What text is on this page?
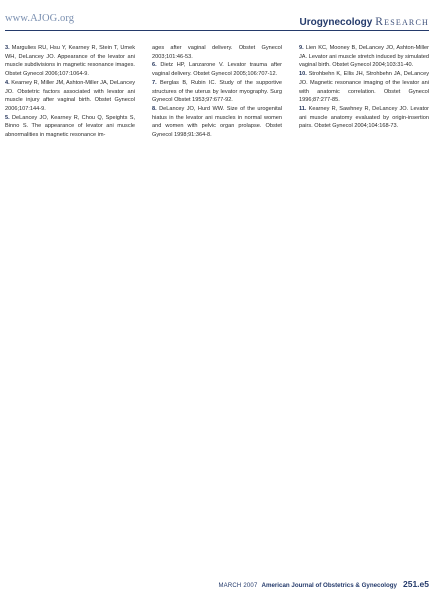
www.AJOG.org	Urogynecology Research

3. Margulies RU, Hsu Y, Kearney R, Stein T, Umek WH, DeLancey JO. Appearance of the levator ani muscle subdivisions in magnetic resonance images. Obstet Gynecol 2006;107:1064-9.

4. Kearney R, Miller JM, Ashton-Miller JA, DeLancey JO. Obstetric factors associated with levator ani muscle injury after vaginal birth. Obstet Gynecol 2006;107:144-9.

5. DeLancey JO, Kearney R, Chou Q, Speights S, Binno S. The appearance of levator ani muscle abnormalities in magnetic resonance im-

ages after vaginal delivery. Obstet Gynecol 2003;101:46-53.

6. Dietz HP, Lanzarone V. Levator trauma after vaginal delivery. Obstet Gynecol 2005;106:707-12.

7. Berglas B, Rubin IC. Study of the supportive structures of the uterus by levator myography. Surg Gynecol Obstet 1953;97:677-92.

8. DeLancey JO, Hurd WW. Size of the urogenital hiatus in the levator ani muscles in normal women and women with pelvic organ prolapse. Obstet Gynecol 1998;91:364-8.

9. Lien KC, Mooney B, DeLancey JO, Ashton-Miller JA. Levator ani muscle stretch induced by simulated vaginal birth. Obstet Gynecol 2004;103:31-40.

10. Strohbehn K, Ellis JH, Strohbehn JA, DeLancey JO. Magnetic resonance imaging of the levator ani with anatomic correlation. Obstet Gynecol 1996;87:277-85.

11. Kearney R, Sawhney R, DeLancey JO. Levator ani muscle anatomy evaluated by origin-insertion pairs. Obstet Gynecol 2004;104:168-73.

MARCH 2007 American Journal of Obstetrics & Gynecology 251.e5
